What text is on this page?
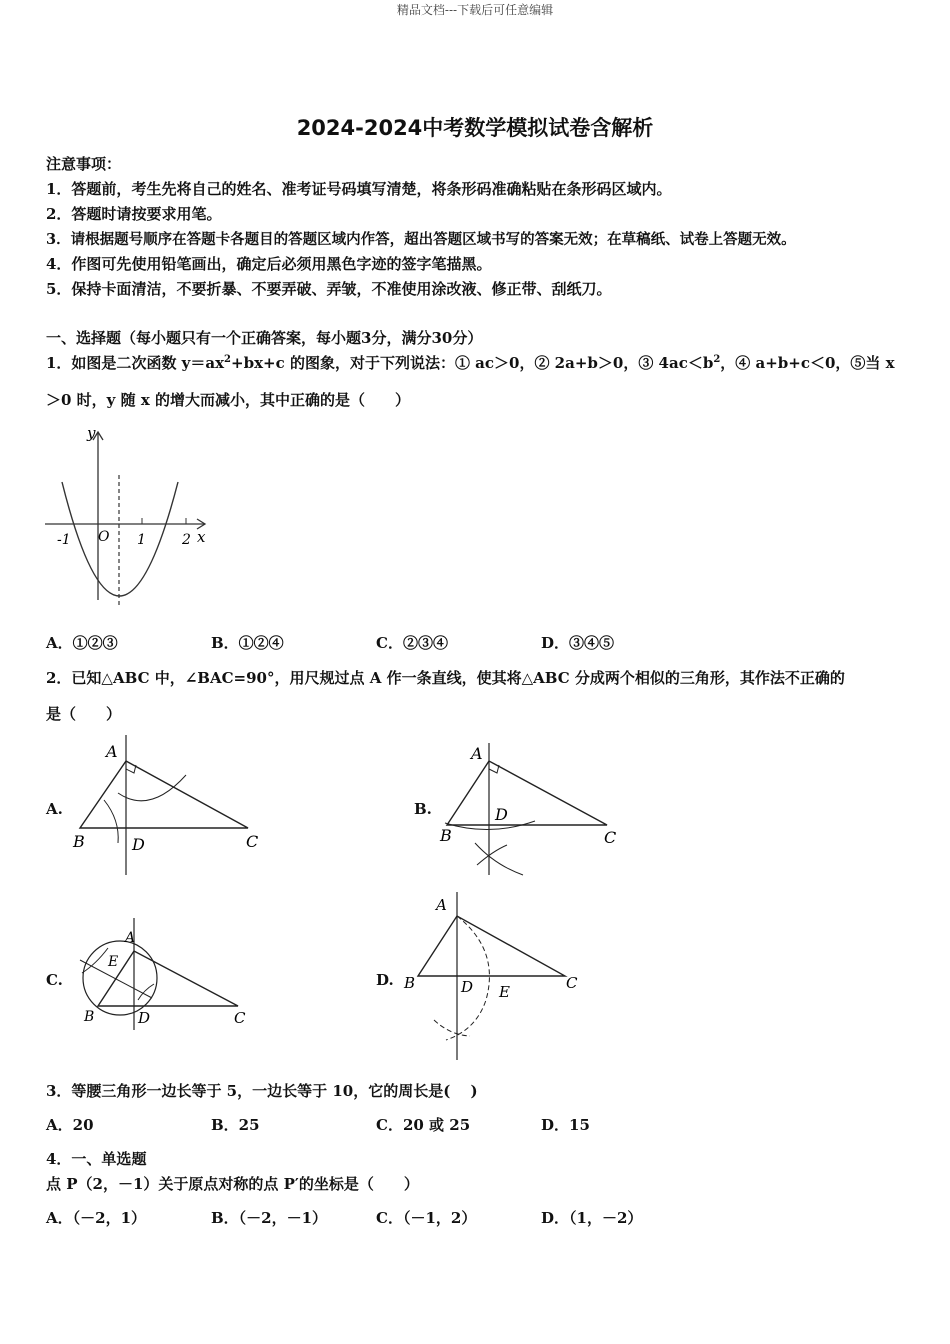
精品文档---下载后可任意编辑
2024-2024中考数学模拟试卷含解析
注意事项：
1．答题前，考生先将自己的姓名、准考证号码填写清楚，将条形码准确粘贴在条形码区域内。
2．答题时请按要求用笔。
3．请根据题号顺序在答题卡各题目的答题区域内作答，超出答题区域书写的答案无效；在草稿纸、试卷上答题无效。
4．作图可先使用铅笔画出，确定后必须用黑色字迹的签字笔描黑。
5．保持卡面清洁，不要折暴、不要弄破、弄皱，不准使用涂改液、修正带、刮纸刀。
一、选择题（每小题只有一个正确答案，每小题3分，满分30分）
1．如图是二次函数 $y=ax^2+bx+c$ 的图象，对于下列说法：① ac＞0，② 2a+b＞0，③ $4ac<b^2$，④ a+b+c＜0，⑤当 x
＞0 时，y 随 x 的增大而减小，其中正确的是（　　）
y
x
O
-1	1	2
A．①②③	B．①②④	C．②③④	D．③④⑤
2．已知△ABC 中，∠BAC=90°，用尺规过点 A 作一条直线，使其将△ABC 分成两个相似的三角形，其作法不正确的
是（　　）
A.
A
B	C
D
B.
A
B	C
D
C.
A
B	C
D
E
D.
A
B	C
D E
3．等腰三角形一边长等于 5，一边长等于 10，它的周长是(　 )
A．20	B．25	C．20 或 25	D．15
4．一、单选题
点 P（2，－1）关于原点对称的点 P′的坐标是（　　）
A．（－2，1）	B．（－2，－1）	C．（－1，2）	D．（1，－2）
